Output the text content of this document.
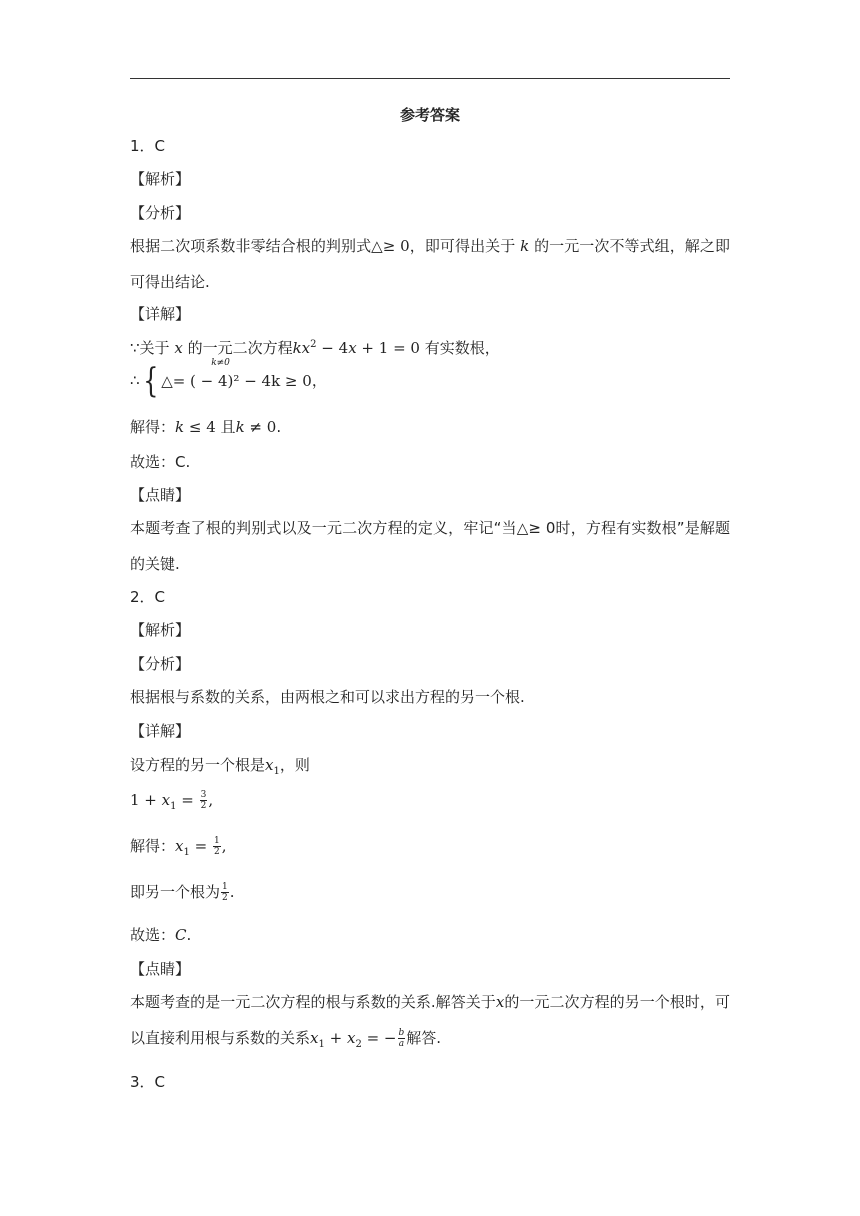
参考答案
1．C
【解析】
【分析】
根据二次项系数非零结合根的判别式△≥ 0，即可得出关于 k 的一元一次不等式组，解之即可得出结论.
【详解】
∵关于 x 的一元二次方程$kx^2 - 4x + 1 = 0$ 有实数根，
∴{	k≠0
△= ( − 4)² − 4k ≥ 0，
解得：k ≤ 4 且k ≠ 0.
故选：C.
【点睛】
本题考查了根的判别式以及一元二次方程的定义，牢记“当△≥ 0时，方程有实数根”是解题的关键.
2．C
【解析】
【分析】
根据根与系数的关系，由两根之和可以求出方程的另一个根.
【详解】
设方程的另一个根是$x_1$，则
$1 + x_1 = \frac{3}{2}$ ,
解得：$x_1 = \frac{1}{2}$ ,
即另一个根为 $\frac{1}{2}$ .
故选：C.
【点睛】
本题考查的是一元二次方程的根与系数的关系.解答关于x的一元二次方程的另一个根时，可以直接利用根与系数的关系$x_1 + x_2$ = − $\frac{b}{a}$ 解答.
3．C
